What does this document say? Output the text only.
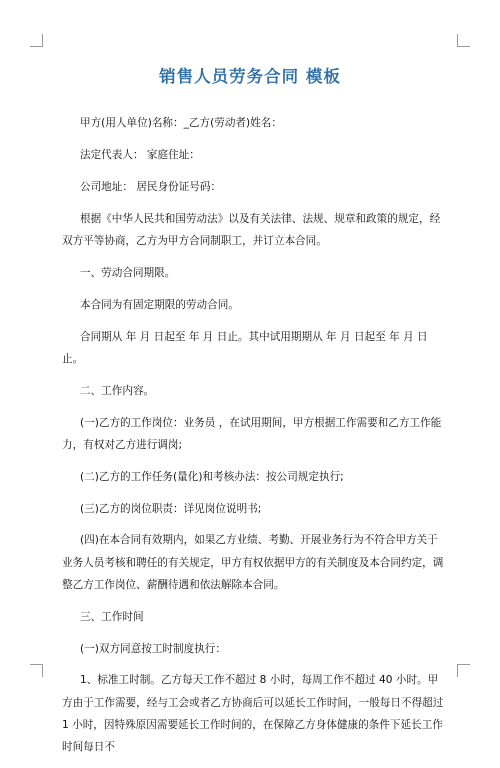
销售人员劳务合同 模板

甲方(用人单位)名称：_乙方(劳动者)姓名：

法定代表人： 家庭住址：

公司地址： 居民身份证号码：

根据《中华人民共和国劳动法》以及有关法律、法规、规章和政策的规定，经双方平等协商，乙方为甲方合同制职工，并订立本合同。

一、劳动合同期限。

本合同为有固定期限的劳动合同。

合同期从 年 月 日起至 年 月 日止。其中试用期期从 年 月 日起至 年 月 日止。

二、工作内容。

(一)乙方的工作岗位：业务员 ，在试用期间，甲方根据工作需要和乙方工作能力，有权对乙方进行调岗;

(二)乙方的工作任务(量化)和考核办法：按公司规定执行;

(三)乙方的岗位职责：详见岗位说明书;

(四)在本合同有效期内，如果乙方业绩、考勤、开展业务行为不符合甲方关于业务人员考核和聘任的有关规定，甲方有权依据甲方的有关制度及本合同约定，调整乙方工作岗位、薪酬待遇和依法解除本合同。

三、工作时间

(一)双方同意按工时制度执行：

1、标准工时制。乙方每天工作不超过 8 小时，每周工作不超过 40 小时。甲方由于工作需要，经与工会或者乙方协商后可以延长工作时间，一般每日不得超过 1 小时，因特殊原因需要延长工作时间的，在保障乙方身体健康的条件下延长工作时间每日不
